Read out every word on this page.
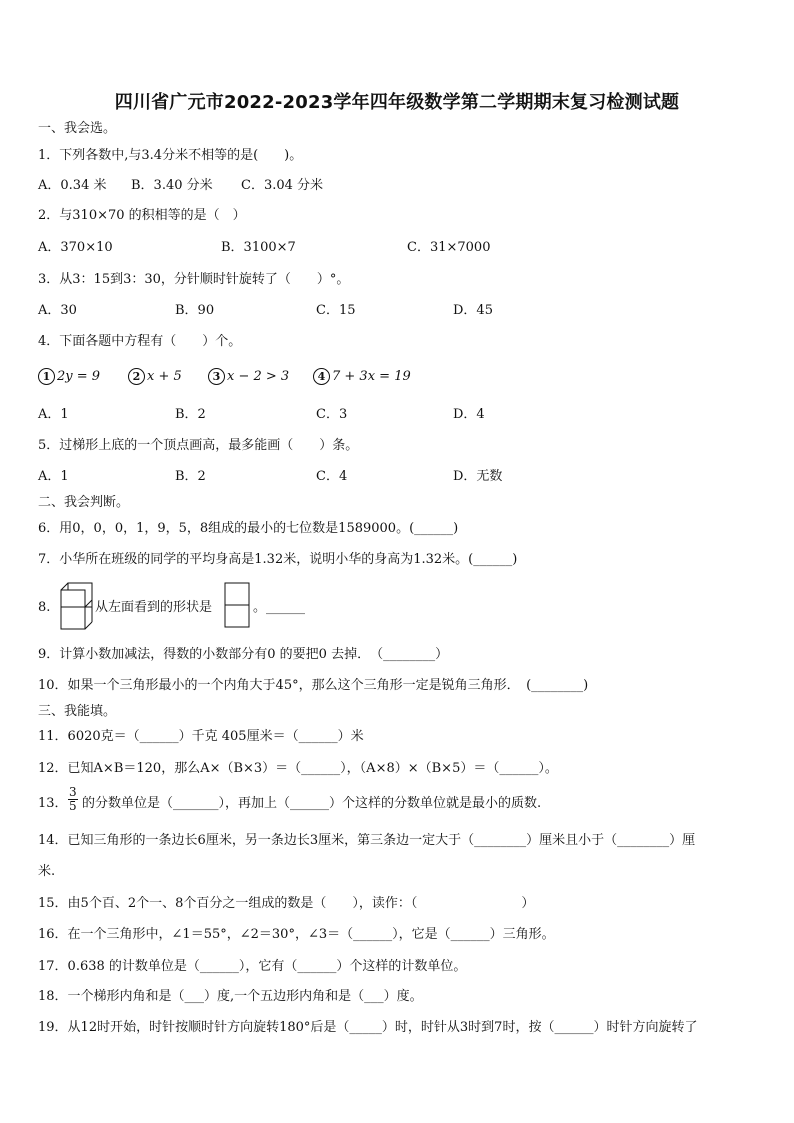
四川省广元市2022-2023学年四年级数学第二学期期末复习检测试题
一、我会选。
1．下列各数中,与3.4分米不相等的是(　　)。
A．0.34 米 B．3.40 分米 C．3.04 分米
2．与310×70 的积相等的是（　）
A．370×10	B．3100×7	C．31×7000
3．从3：15到3：30，分针顺时针旋转了（　　）°。
A．30	B．90	C．15	D．45
4．下面各题中方程有（　　）个。
1 2y = 9	2 x + 5	3 x − 2 > 3	4 7 + 3x = 19
A．1	B．2	C．3	D．4
5．过梯形上底的一个顶点画高，最多能画（　　）条。
A．1	B．2	C．4	D．无数
二、我会判断。
6．用0，0，0，1，9，5，8组成的最小的七位数是1589000。(______)
7．小华所在班级的同学的平均身高是1.32米，说明小华的身高为1.32米。(______)
8.	从左面看到的形状是	。______
9．计算小数加减法，得数的小数部分有0 的要把0 去掉．　（________）
10．如果一个三角形最小的一个内角大于45°，那么这个三角形一定是锐角三角形．　(________)
三、我能填。
11．6020克＝（______）千克 405厘米＝（______）米
12．已知A×B＝120，那么A×（B×3）＝（______），（A×8）×（B×5）＝（______）。
13． $\frac{3}{5}$ 的分数单位是（_______），再加上（______）个这样的分数单位就是最小的质数.
14．已知三角形的一条边长6厘米，另一条边长3厘米，第三条边一定大于（________）厘米且小于（________）厘
米.
15．由5个百、2个一、8个百分之一组成的数是（　　），读作：（　　　　　　　　）
16．在一个三角形中，∠1＝55°，∠2＝30°，∠3＝（______），它是（______）三角形。
17．0.638 的计数单位是（______），它有（______）个这样的计数单位。
18．一个梯形内角和是（___）度,一个五边形内角和是（___）度。
19．从12时开始，时针按顺时针方向旋转180°后是（_____）时，时针从3时到7时，按（______）时针方向旋转了
